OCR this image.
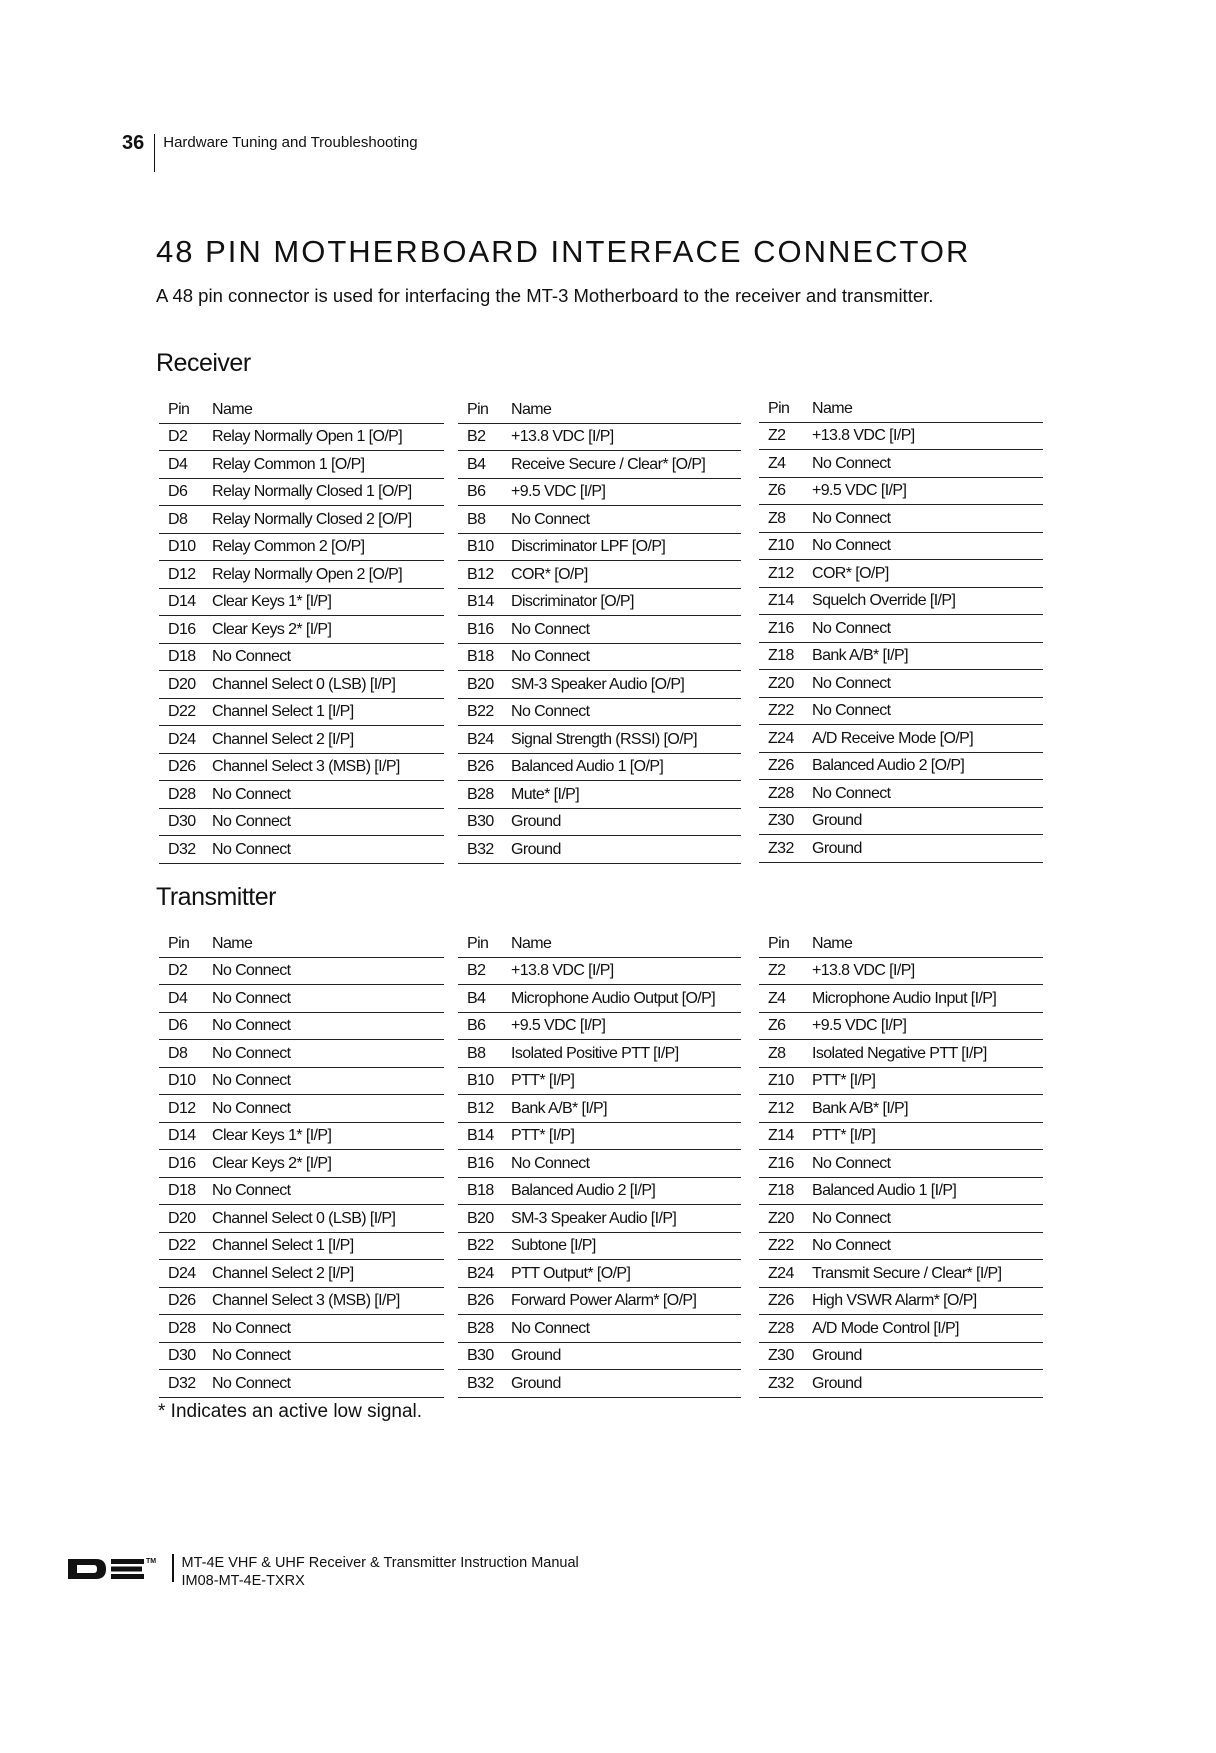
36 Hardware Tuning and Troubleshooting
48 PIN MOTHERBOARD INTERFACE CONNECTOR

A 48 pin connector is used for interfacing the MT-3 Motherboard to the receiver and transmitter.

Receiver
Pin	Name
D2	Relay Normally Open 1 [O/P]
D4	Relay Common 1 [O/P]
D6	Relay Normally Closed 1 [O/P]
D8	Relay Normally Closed 2 [O/P]
D10	Relay Common 2 [O/P]
D12	Relay Normally Open 2 [O/P]
D14	Clear Keys 1* [I/P]
D16	Clear Keys 2* [I/P]
D18	No Connect
D20	Channel Select 0 (LSB) [I/P]
D22	Channel Select 1 [I/P]
D24	Channel Select 2 [I/P]
D26	Channel Select 3 (MSB) [I/P]
D28	No Connect
D30	No Connect
D32	No Connect
Pin	Name
B2	+13.8 VDC [I/P]
B4	Receive Secure / Clear* [O/P]
B6	+9.5 VDC [I/P]
B8	No Connect
B10	Discriminator LPF [O/P]
B12	COR* [O/P]
B14	Discriminator [O/P]
B16	No Connect
B18	No Connect
B20	SM-3 Speaker Audio [O/P]
B22	No Connect
B24	Signal Strength (RSSI) [O/P]
B26	Balanced Audio 1 [O/P]
B28	Mute* [I/P]
B30	Ground
B32	Ground
Pin	Name
Z2	+13.8 VDC [I/P]
Z4	No Connect
Z6	+9.5 VDC [I/P]
Z8	No Connect
Z10	No Connect
Z12	COR* [O/P]
Z14	Squelch Override [I/P]
Z16	No Connect
Z18	Bank A/B* [I/P]
Z20	No Connect
Z22	No Connect
Z24	A/D Receive Mode [O/P]
Z26	Balanced Audio 2 [O/P]
Z28	No Connect
Z30	Ground
Z32	Ground
Transmitter
Pin	Name
D2	No Connect
D4	No Connect
D6	No Connect
D8	No Connect
D10	No Connect
D12	No Connect
D14	Clear Keys 1* [I/P]
D16	Clear Keys 2* [I/P]
D18	No Connect
D20	Channel Select 0 (LSB) [I/P]
D22	Channel Select 1 [I/P]
D24	Channel Select 2 [I/P]
D26	Channel Select 3 (MSB) [I/P]
D28	No Connect
D30	No Connect
D32	No Connect
Pin	Name
B2	+13.8 VDC [I/P]
B4	Microphone Audio Output [O/P]
B6	+9.5 VDC [I/P]
B8	Isolated Positive PTT [I/P]
B10	PTT* [I/P]
B12	Bank A/B* [I/P]
B14	PTT* [I/P]
B16	No Connect
B18	Balanced Audio 2 [I/P]
B20	SM-3 Speaker Audio [I/P]
B22	Subtone [I/P]
B24	PTT Output* [O/P]
B26	Forward Power Alarm* [O/P]
B28	No Connect
B30	Ground
B32	Ground
Pin	Name
Z2	+13.8 VDC [I/P]
Z4	Microphone Audio Input [I/P]
Z6	+9.5 VDC [I/P]
Z8	Isolated Negative PTT [I/P]
Z10	PTT* [I/P]
Z12	Bank A/B* [I/P]
Z14	PTT* [I/P]
Z16	No Connect
Z18	Balanced Audio 1 [I/P]
Z20	No Connect
Z22	No Connect
Z24	Transmit Secure / Clear* [I/P]
Z26	High VSWR Alarm* [O/P]
Z28	A/D Mode Control [I/P]
Z30	Ground
Z32	Ground

* Indicates an active low signal.

TM MT-4E VHF & UHF Receiver & Transmitter Instruction Manual
IM08-MT-4E-TXRX
